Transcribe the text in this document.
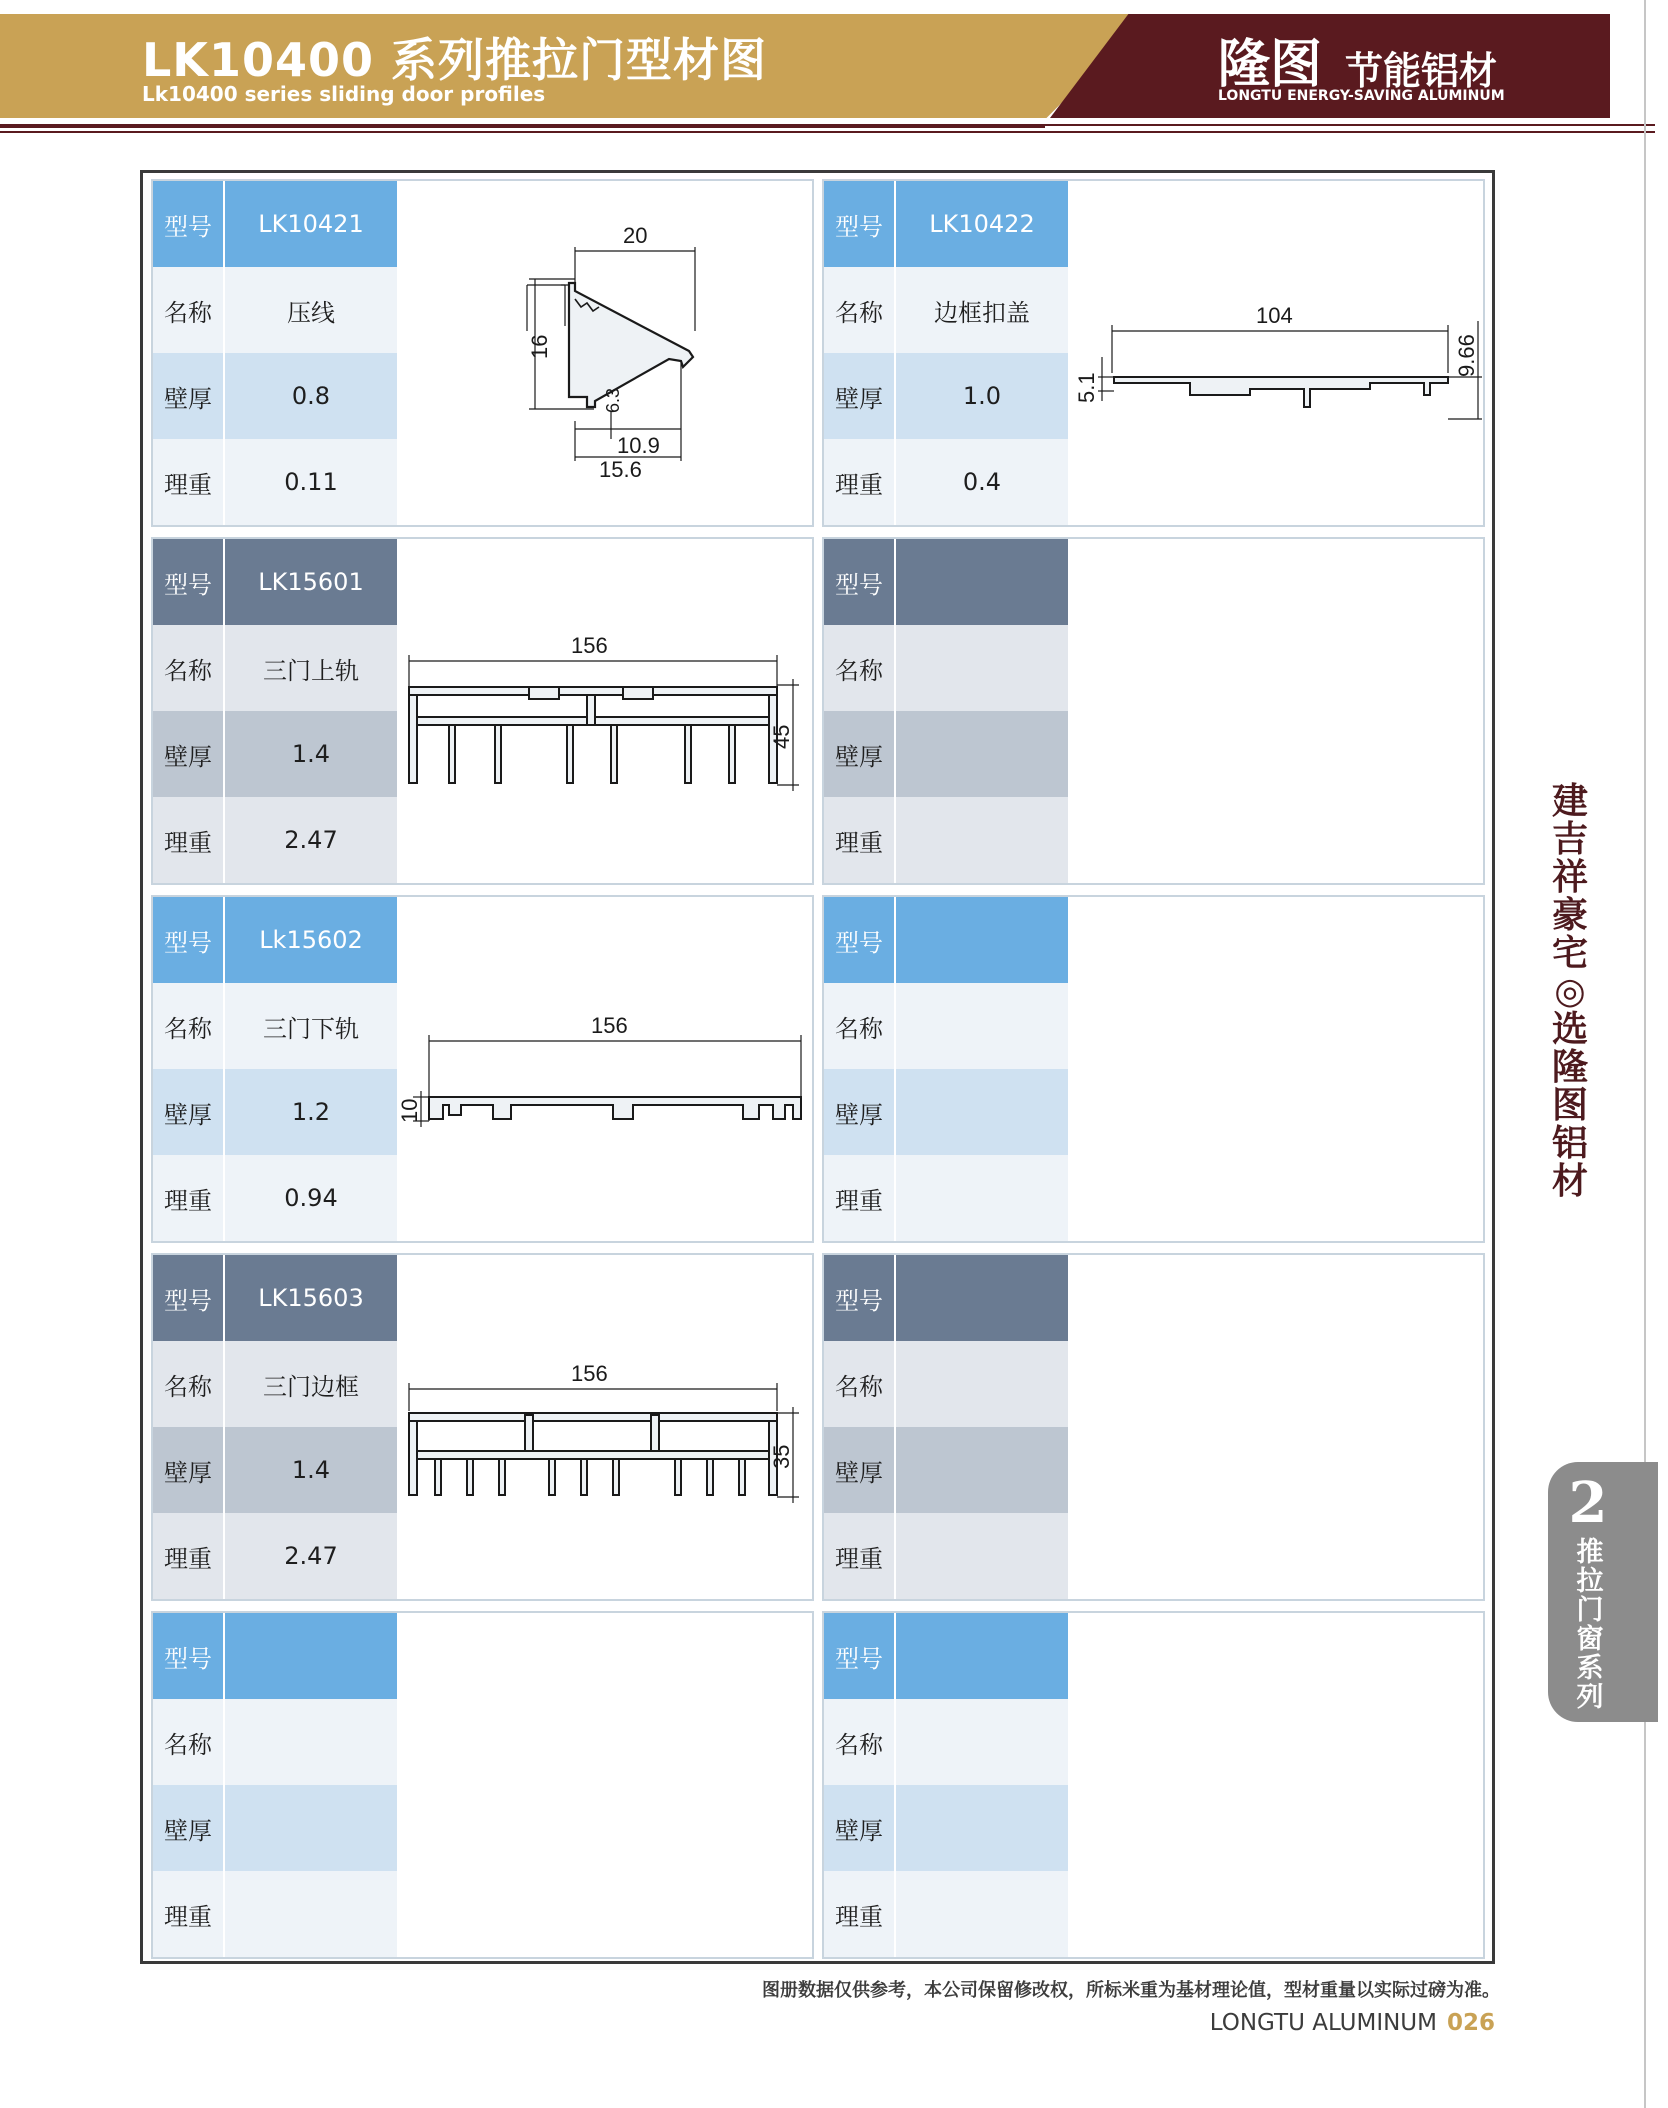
LK10400 系列推拉门型材图
Lk10400 series sliding door profiles	隆图 节能铝材
LONGTU ENERGY-SAVING ALUMINUM
型号	LK10421
名称	压线
壁厚	0.8
理重	0.11
20
16
6.3
10.9
15.6
型号	LK10422
名称	边框扣盖
壁厚	1.0
理重	0.4
104
5.1
9.66
型号	LK15601
名称	三门上轨
壁厚	1.4
理重	2.47
156
45
型号
名称
壁厚
理重
型号	Lk15602
名称	三门下轨
壁厚	1.2
理重	0.94
156
10
型号
名称
壁厚
理重
型号	LK15603
名称	三门边框
壁厚	1.4
理重	2.47
156
35
型号
名称
壁厚
理重
型号
名称
壁厚
理重
型号
名称
壁厚
理重
建
吉
祥
豪
宅
◎
选
隆
图
铝
材
2
推
拉
门
窗
系
列
图册数据仅供参考，本公司保留修改权，所标米重为基材理论值，型材重量以实际过磅为准。
LONGTU ALUMINUM 026
